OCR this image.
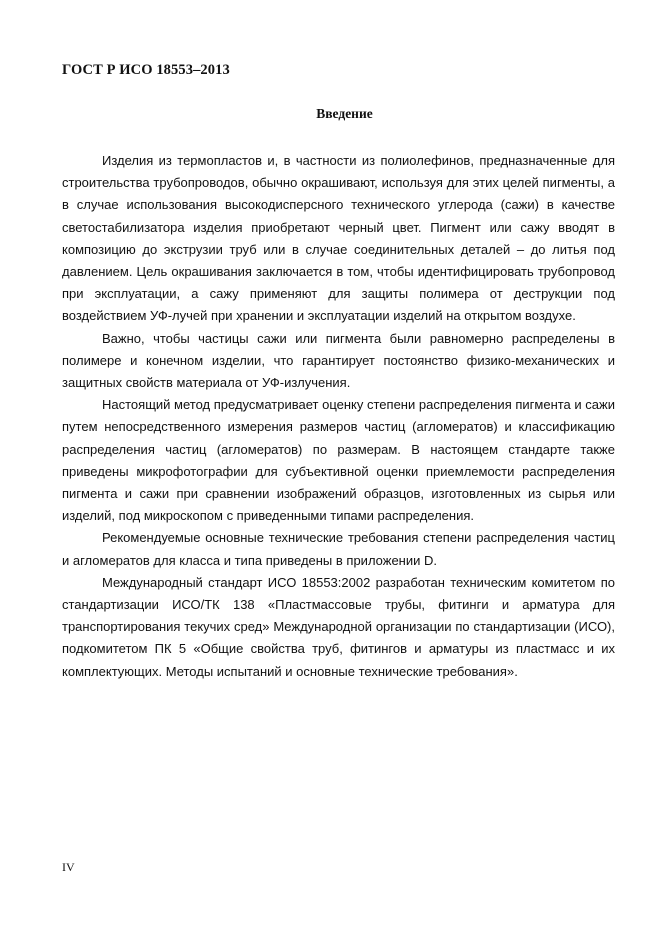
ГОСТ Р ИСО 18553–2013
Введение

Изделия из термопластов и, в частности из полиолефинов, предназначенные для строительства трубопроводов, обычно окрашивают, используя для этих целей пигменты, а в случае использования высокодисперсного технического углерода (сажи) в качестве светостабилизатора изделия приобретают черный цвет. Пигмент или сажу вводят в композицию до экструзии труб или в случае соединительных деталей – до литья под давлением. Цель окрашивания заключается в том, чтобы идентифицировать трубопровод при эксплуатации, а сажу применяют для защиты полимера от деструкции под воздействием УФ-лучей при хранении и эксплуатации изделий на открытом воздухе.

Важно, чтобы частицы сажи или пигмента были равномерно распределены в полимере и конечном изделии, что гарантирует постоянство физико-механических и защитных свойств материала от УФ-излучения.

Настоящий метод предусматривает оценку степени распределения пигмента и сажи путем непосредственного измерения размеров частиц (агломератов) и классификацию распределения частиц (агломератов) по размерам. В настоящем стандарте также приведены микрофотографии для субъективной оценки приемлемости распределения пигмента и сажи при сравнении изображений образцов, изготовленных из сырья или изделий, под микроскопом с приведенными типами распределения.

Рекомендуемые основные технические требования степени распределения частиц и агломератов для класса и типа приведены в приложении D.

Международный стандарт ИСО 18553:2002 разработан техническим комитетом по стандартизации ИСО/ТК 138 «Пластмассовые трубы, фитинги и арматура для транспортирования текучих сред» Международной организации по стандартизации (ИСО), подкомитетом ПК 5 «Общие свойства труб, фитингов и арматуры из пластмасс и их комплектующих. Методы испытаний и основные технические требования».

IV
